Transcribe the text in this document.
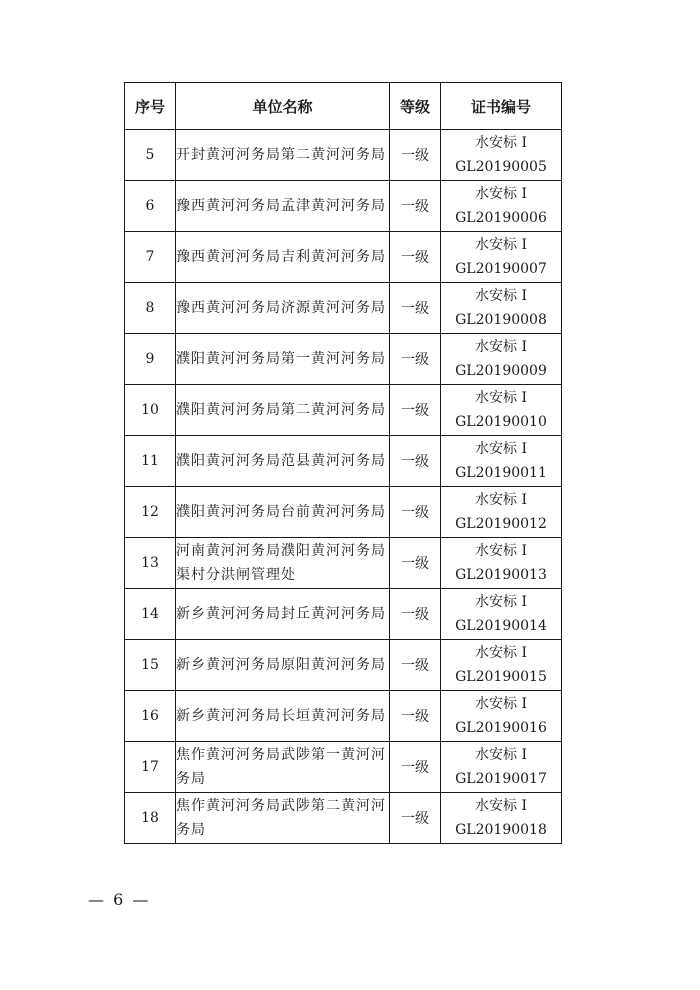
序号	单位名称	等级	证书编号
5	开封黄河河务局第二黄河河务局	一级	水安标 I
GL20190005

6	豫西黄河河务局孟津黄河河务局	一级	水安标 I
GL20190006

7	豫西黄河河务局吉利黄河河务局	一级	水安标 I
GL20190007

8	豫西黄河河务局济源黄河河务局	一级	水安标 I
GL20190008

9	濮阳黄河河务局第一黄河河务局	一级	水安标 I
GL20190009

10	濮阳黄河河务局第二黄河河务局	一级	水安标 I
GL20190010

11	濮阳黄河河务局范县黄河河务局	一级	水安标 I
GL20190011

12	濮阳黄河河务局台前黄河河务局	一级	水安标 I
GL20190012

13	河南黄河河务局濮阳黄河河务局渠村分洪闸管理处	一级	水安标 I
GL20190013

14	新乡黄河河务局封丘黄河河务局	一级	水安标 I
GL20190014

15	新乡黄河河务局原阳黄河河务局	一级	水安标 I
GL20190015

16	新乡黄河河务局长垣黄河河务局	一级	水安标 I
GL20190016

17	焦作黄河河务局武陟第一黄河河务局	一级	水安标 I
GL20190017

18	焦作黄河河务局武陟第二黄河河务局	一级	水安标 I
GL20190018
— 6 —
